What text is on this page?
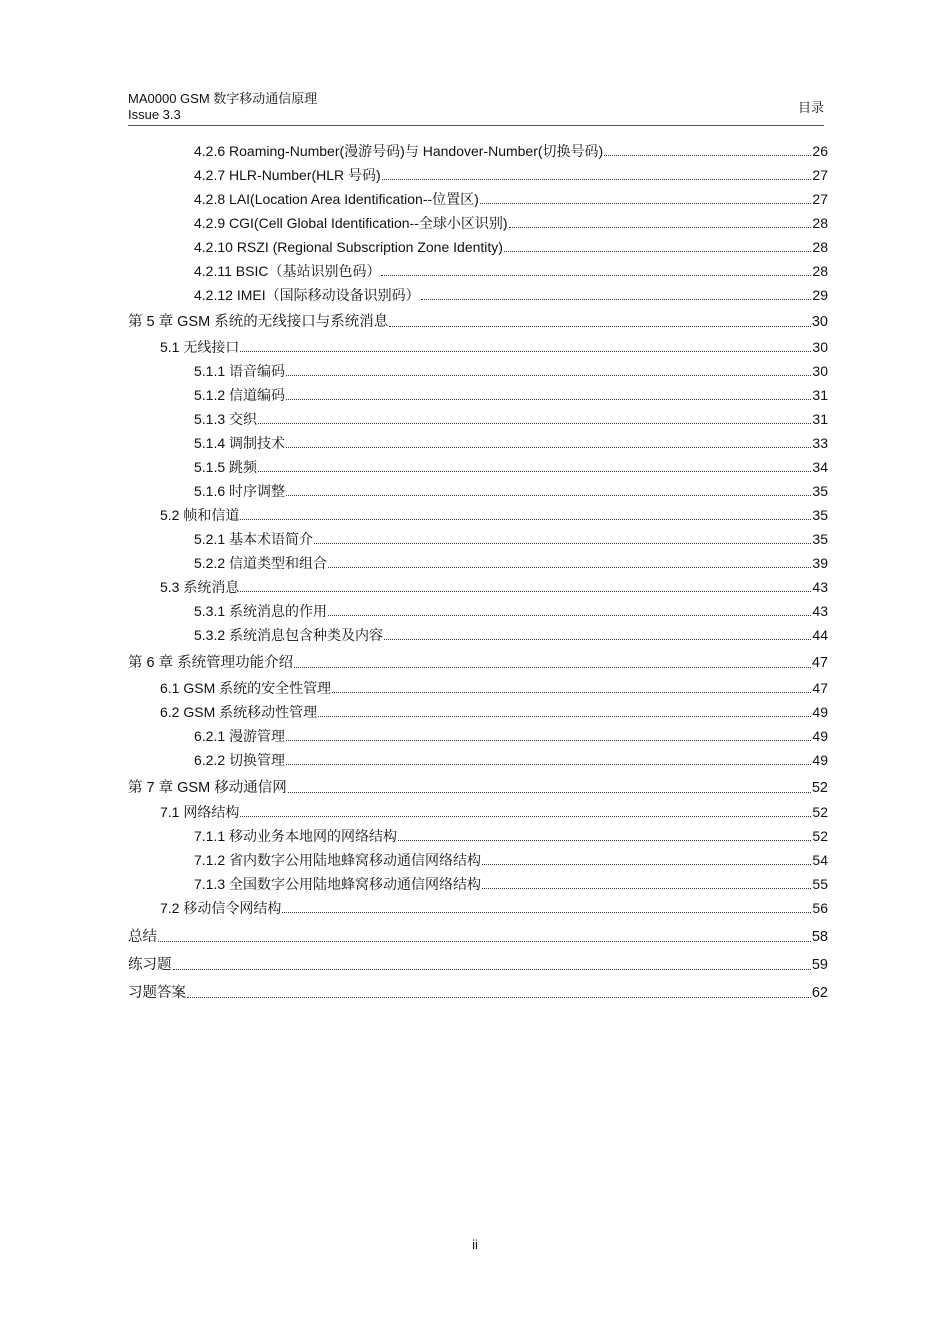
MA0000 GSM 数字移动通信原理
Issue 3.3	目录
4.2.6 Roaming-Number(漫游号码)与 Handover-Number(切换号码)	26
4.2.7 HLR-Number(HLR 号码)	27
4.2.8 LAI(Location Area Identification--位置区)	27
4.2.9 CGI(Cell Global Identification--全球小区识别)	28
4.2.10 RSZI (Regional Subscription Zone Identity)	28
4.2.11 BSIC（基站识别色码）	28
4.2.12 IMEI（国际移动设备识别码）	29
第 5 章 GSM 系统的无线接口与系统消息	30
5.1 无线接口	30
5.1.1 语音编码	30
5.1.2 信道编码	31
5.1.3 交织	31
5.1.4 调制技术	33
5.1.5 跳频	34
5.1.6 时序调整	35
5.2 帧和信道	35
5.2.1 基本术语简介	35
5.2.2 信道类型和组合	39
5.3 系统消息	43
5.3.1 系统消息的作用	43
5.3.2 系统消息包含种类及内容	44
第 6 章 系统管理功能介绍	47
6.1 GSM 系统的安全性管理	47
6.2 GSM 系统移动性管理	49
6.2.1 漫游管理	49
6.2.2 切换管理	49
第 7 章 GSM 移动通信网	52
7.1 网络结构	52
7.1.1 移动业务本地网的网络结构	52
7.1.2 省内数字公用陆地蜂窝移动通信网络结构	54
7.1.3 全国数字公用陆地蜂窝移动通信网络结构	55
7.2 移动信令网结构	56
总结	58
练习题	59
习题答案	62
ii
